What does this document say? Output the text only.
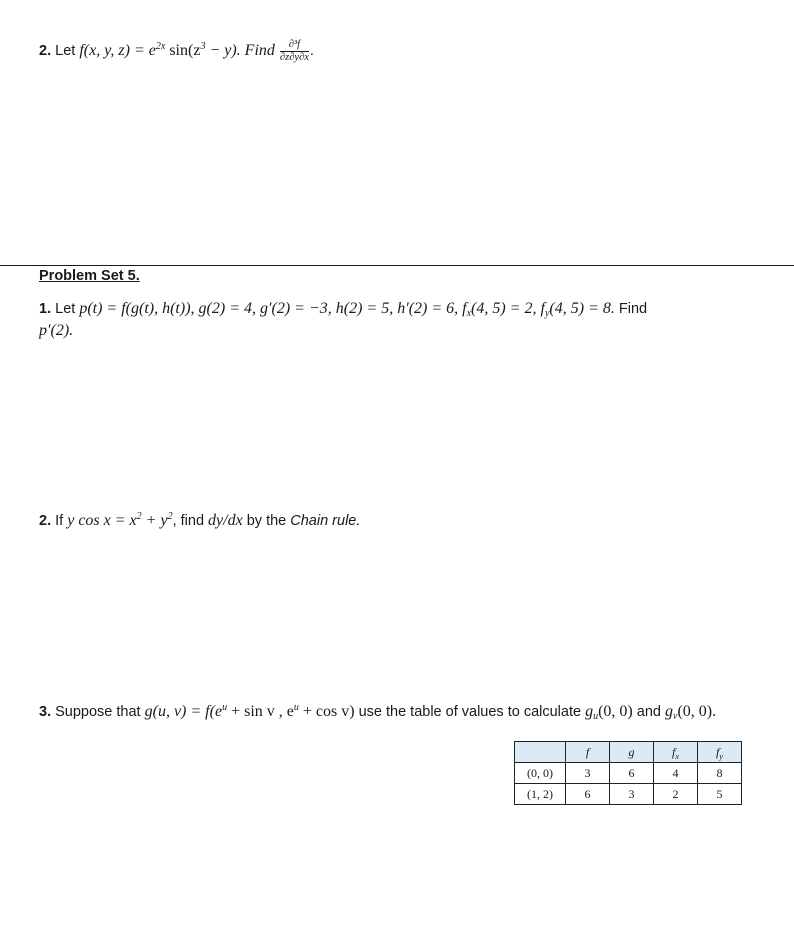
2. Let f(x, y, $z) = e^{2x}$ $\sin(z^3 - y)$. Find $\frac{\text{∂³f}}{\partial z\partial y\partial x}$ .
Problem Set 5.
1. Let p(t) = f(g(t), h(t)), g(2) = 4, g′(2) = −3, h(2) = 5, h′(2) = 6, $f_x(4$, 5) = 2, $f_y(4$, 5) = 8. Find
p′(2).
2. If y $\cos x = x^2 + y^2$, find dy/dx by the Chain rule.
3. Suppose that g(u, $v) = f(e^u + \sin v$ , $e^u + \cos v$) use the table of values to calculate $g_u(0$, 0) and $g_v(0$, 0).
	f	g	$f_x$	$f_y$
(0, 0)	3	6	4	8
(1, 2)	6	3	2	5
